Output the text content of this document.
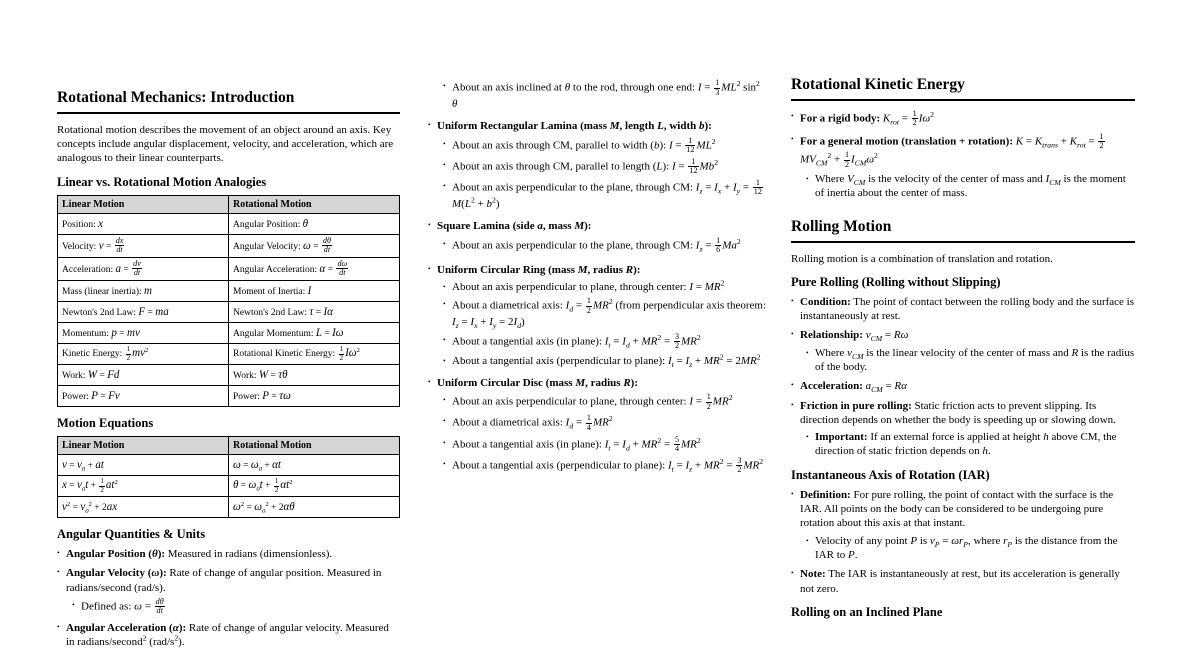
Rotational Mechanics: Introduction
Rotational motion describes the movement of an object around an axis. Key concepts include angular displacement, velocity, and acceleration, which are analogous to their linear counterparts.
Linear vs. Rotational Motion Analogies
Linear Motion	Rotational Motion
Position: x	Angular Position: θ
Velocity: $v = \frac{dx}{dt}$	Angular Velocity: $\omega = \frac{d\theta}{dt}$

Acceleration: $a = \frac{dv}{dt}$	Angular Acceleration: $\alpha = \frac{d\omega}{dt}$

Mass (linear inertia): m	Moment of Inertia: I
Newton's 2nd Law: F = ma	Newton's 2nd Law: τ = Iα
Momentum: p = mv	Angular Momentum: L = Iω
Kinetic Energy: $\frac{1}{2} mv^2$	Rotational Kinetic Energy: $\frac{1}{2} I\omega^2$
Work: W = Fd	Work: W = τθ
Power: P = Fv	Power: P = τω
Motion Equations
Linear Motion	Rotational Motion
$v = v_0$ + at	$\omega = \omega_0 + \alpha t$
$x = v_0t + \frac{1}{2} at^2$	$\theta = \omega_0t + \frac{1}{2} \alpha t^2$
$v^2 = v_0^2 + 2ax$	$\omega^2 = \omega_0^2 + 2\alpha\theta$
Angular Quantities & Units
• Angular Position (θ): Measured in radians (dimensionless).
• Angular Velocity (ω): Rate of change of angular position. Measured in radians/second (rad/s).
• Defined as: $\omega = \frac{d\theta}{dt}$
• Angular Acceleration (α): Rate of change of angular velocity. Measured in radians/second$^2$ $(rad/s^2)$.
• About an axis inclined at θ to the rod, through one end: $I = \frac{1}{3} ML^2$ $\sin^2 \theta$
• Uniform Rectangular Lamina (mass M, length L, width b):
• About an axis through CM, parallel to width (b): $I = \frac{1}{12} ML^2$
• About an axis through CM, parallel to length (L): $I = \frac{1}{12} Mb^2$
• About an axis perpendicular to the plane, through CM: $I_z = I_x + I_y = \frac{1}{12}$
$M(L^2 + b^2)$
• Square Lamina (side a, mass M):
• About an axis perpendicular to the plane, through CM: $I_z = \frac{1}{6} Ma^2$
• Uniform Circular Ring (mass M, radius R):
• About an axis perpendicular to plane, through center: $I = MR^2$
• About a diametrical axis: $I_d = \frac{1}{2} MR^2$ (from perpendicular axis theorem: $I_z = I_x + I_y = 2I_d$)
• About a tangential axis (in plane): $I_t = I_d + MR^2 = \frac{3}{2} MR^2$
• About a tangential axis (perpendicular to plane): $I_t = I_z + MR^2 = 2MR^2$
• Uniform Circular Disc (mass M, radius R):
• About an axis perpendicular to plane, through center: $I = \frac{1}{2} MR^2$
• About a diametrical axis: $I_d = \frac{1}{4} MR^2$
• About a tangential axis (in plane): $I_t = I_d + MR^2 = \frac{5}{4} MR^2$
• About a tangential axis (perpendicular to plane): $I_t = I_z + MR^2 = \frac{3}{2} MR^2$
Rotational Kinetic Energy
• For a rigid body: $K_{rot} = \frac{1}{2} I\omega^2$
• For a general motion (translation + rotation): $K = K_{trans} + K_{rot} = \frac{1}{2}$
$MV_{CM}^2 + \frac{1}{2} I_{CM}\omega^2$
• Where $V_{CM}$ is the velocity of the center of mass and $I_{CM}$ is the moment of inertia about the center of mass.
Rolling Motion
Rolling motion is a combination of translation and rotation.
Pure Rolling (Rolling without Slipping)
• Condition: The point of contact between the rolling body and the surface is instantaneously at rest.
• Relationship: $v_{CM} = R\omega$
• Where $v_{CM}$ is the linear velocity of the center of mass and R is the radius of the body.
• Acceleration: $a_{CM} = R\alpha$
• Friction in pure rolling: Static friction acts to prevent slipping. Its direction depends on whether the body is speeding up or slowing down.
• Important: If an external force is applied at height h above CM, the direction of static friction depends on h.
Instantaneous Axis of Rotation (IAR)
• Definition: For pure rolling, the point of contact with the surface is the IAR. All points on the body can be considered to be undergoing pure rotation about this axis at that instant.
• Velocity of any point P is $v_P = \omega r_P$, where $r_P$ is the distance from the IAR to P.
• Note: The IAR is instantaneously at rest, but its acceleration is generally not zero.
Rolling on an Inclined Plane
